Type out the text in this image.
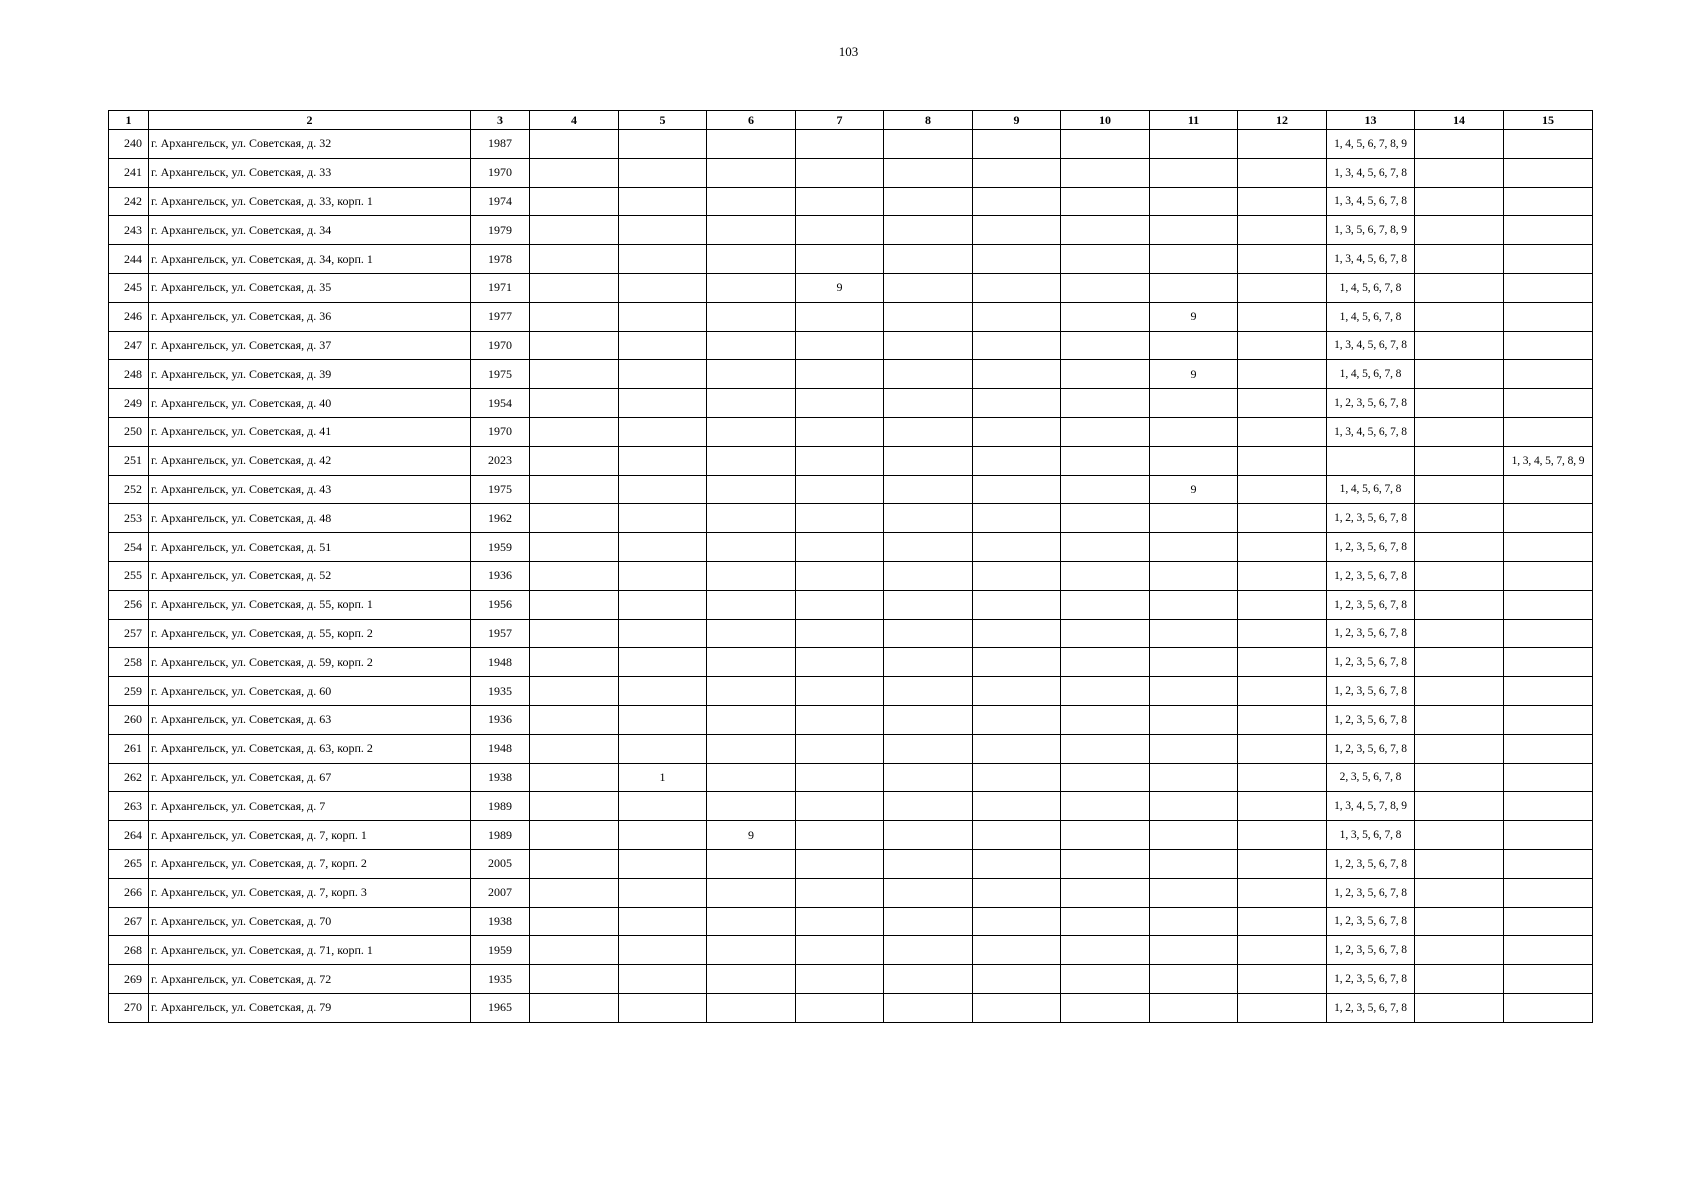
103
1	2	3	4	5	6	7	8	9	10	11	12	13	14	15
240	г. Архангельск, ул. Советская, д. 32	1987										1, 4, 5, 6, 7, 8, 9		
241	г. Архангельск, ул. Советская, д. 33	1970										1, 3, 4, 5, 6, 7, 8		
242	г. Архангельск, ул. Советская, д. 33, корп. 1	1974										1, 3, 4, 5, 6, 7, 8		
243	г. Архангельск, ул. Советская, д. 34	1979										1, 3, 5, 6, 7, 8, 9		
244	г. Архангельск, ул. Советская, д. 34, корп. 1	1978										1, 3, 4, 5, 6, 7, 8		
245	г. Архангельск, ул. Советская, д. 35	1971				9						1, 4, 5, 6, 7, 8		
246	г. Архангельск, ул. Советская, д. 36	1977								9		1, 4, 5, 6, 7, 8		
247	г. Архангельск, ул. Советская, д. 37	1970										1, 3, 4, 5, 6, 7, 8		
248	г. Архангельск, ул. Советская, д. 39	1975								9		1, 4, 5, 6, 7, 8		
249	г. Архангельск, ул. Советская, д. 40	1954										1, 2, 3, 5, 6, 7, 8		
250	г. Архангельск, ул. Советская, д. 41	1970										1, 3, 4, 5, 6, 7, 8		
251	г. Архангельск, ул. Советская, д. 42	2023												1, 3, 4, 5, 7, 8, 9
252	г. Архангельск, ул. Советская, д. 43	1975								9		1, 4, 5, 6, 7, 8		
253	г. Архангельск, ул. Советская, д. 48	1962										1, 2, 3, 5, 6, 7, 8		
254	г. Архангельск, ул. Советская, д. 51	1959										1, 2, 3, 5, 6, 7, 8		
255	г. Архангельск, ул. Советская, д. 52	1936										1, 2, 3, 5, 6, 7, 8		
256	г. Архангельск, ул. Советская, д. 55, корп. 1	1956										1, 2, 3, 5, 6, 7, 8		
257	г. Архангельск, ул. Советская, д. 55, корп. 2	1957										1, 2, 3, 5, 6, 7, 8		
258	г. Архангельск, ул. Советская, д. 59, корп. 2	1948										1, 2, 3, 5, 6, 7, 8		
259	г. Архангельск, ул. Советская, д. 60	1935										1, 2, 3, 5, 6, 7, 8		
260	г. Архангельск, ул. Советская, д. 63	1936										1, 2, 3, 5, 6, 7, 8		
261	г. Архангельск, ул. Советская, д. 63, корп. 2	1948										1, 2, 3, 5, 6, 7, 8		
262	г. Архангельск, ул. Советская, д. 67	1938		1								2, 3, 5, 6, 7, 8		
263	г. Архангельск, ул. Советская, д. 7	1989										1, 3, 4, 5, 7, 8, 9		
264	г. Архангельск, ул. Советская, д. 7, корп. 1	1989			9							1, 3, 5, 6, 7, 8		
265	г. Архангельск, ул. Советская, д. 7, корп. 2	2005										1, 2, 3, 5, 6, 7, 8		
266	г. Архангельск, ул. Советская, д. 7, корп. 3	2007										1, 2, 3, 5, 6, 7, 8		
267	г. Архангельск, ул. Советская, д. 70	1938										1, 2, 3, 5, 6, 7, 8		
268	г. Архангельск, ул. Советская, д. 71, корп. 1	1959										1, 2, 3, 5, 6, 7, 8		
269	г. Архангельск, ул. Советская, д. 72	1935										1, 2, 3, 5, 6, 7, 8		
270	г. Архангельск, ул. Советская, д. 79	1965										1, 2, 3, 5, 6, 7, 8		
